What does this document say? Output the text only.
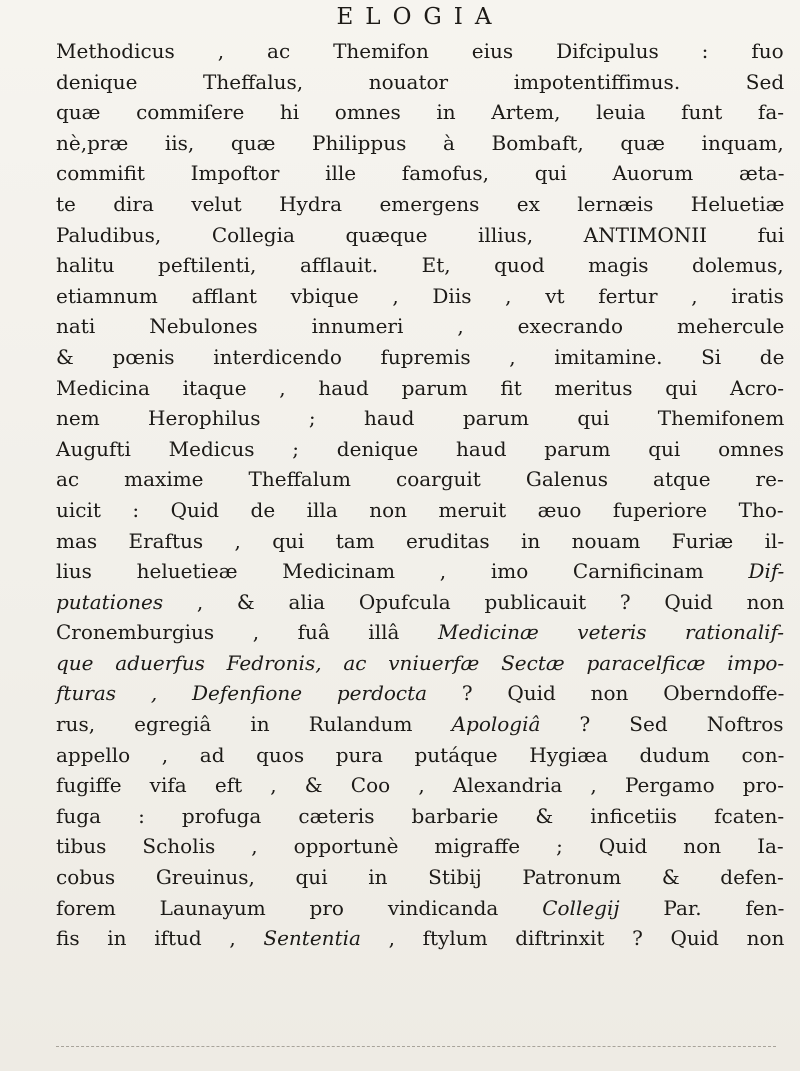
ELOGIA
Methodicus , ac Themifon eius Difcipulus : fuo
denique Theffalus, nouator impotentiffimus. Sed
quæ commiſere hi omnes in Artem, leuia funt fa-
nè,præ iis, quæ Philippus à Bombaft, quæ inquam,
commifit Impoftor ille famofus, qui Auorum æta-
te dira velut Hydra emergens ex lernæis Heluetiæ
Paludibus, Collegia quæque illius, ANTIMONII fui
halitu peftilenti, afflauit. Et, quod magis dolemus,
etiamnum afflant vbique , Diis , vt fertur , iratis
nati Nebulones innumeri , execrando mehercule
& pœnis interdicendo fupremis , imitamine. Si de
Medicina itaque , haud parum fit meritus qui Acro-
nem Herophilus ; haud parum qui Themifonem
Augufti Medicus ; denique haud parum qui omnes
ac maxime Theffalum coarguit Galenus atque re-
uicit : Quid de illa non meruit æuo fuperiore Tho-
mas Eraftus , qui tam eruditas in nouam Furiæ il-
lius heluetieæ Medicinam , imo Carnificinam Dif-
putationes , & alia Opufcula publicauit ? Quid non
Cronemburgius , fuâ illâ Medicinæ veteris rationalif-
que aduerfus Fedronis, ac vniuerfæ Sectæ paracelficæ impo-
fturas , Defenfione perdocta ? Quid non Oberndoffe-
rus, egregiâ in Rulandum Apologiâ ? Sed Noftros
appello , ad quos pura putáque Hygiæa dudum con-
fugiffe vifa eft , & Coo , Alexandria , Pergamo pro-
fuga : profuga cæteris barbarie & inficetiis fcaten-
tibus Scholis , opportunè migraffe ; Quid non Ia-
cobus Greuinus, qui in Stibij Patronum & defen-
forem Launayum pro vindicanda Collegij Par. fen-
fis in iftud , Sententia , ftylum diftrinxit ? Quid non
